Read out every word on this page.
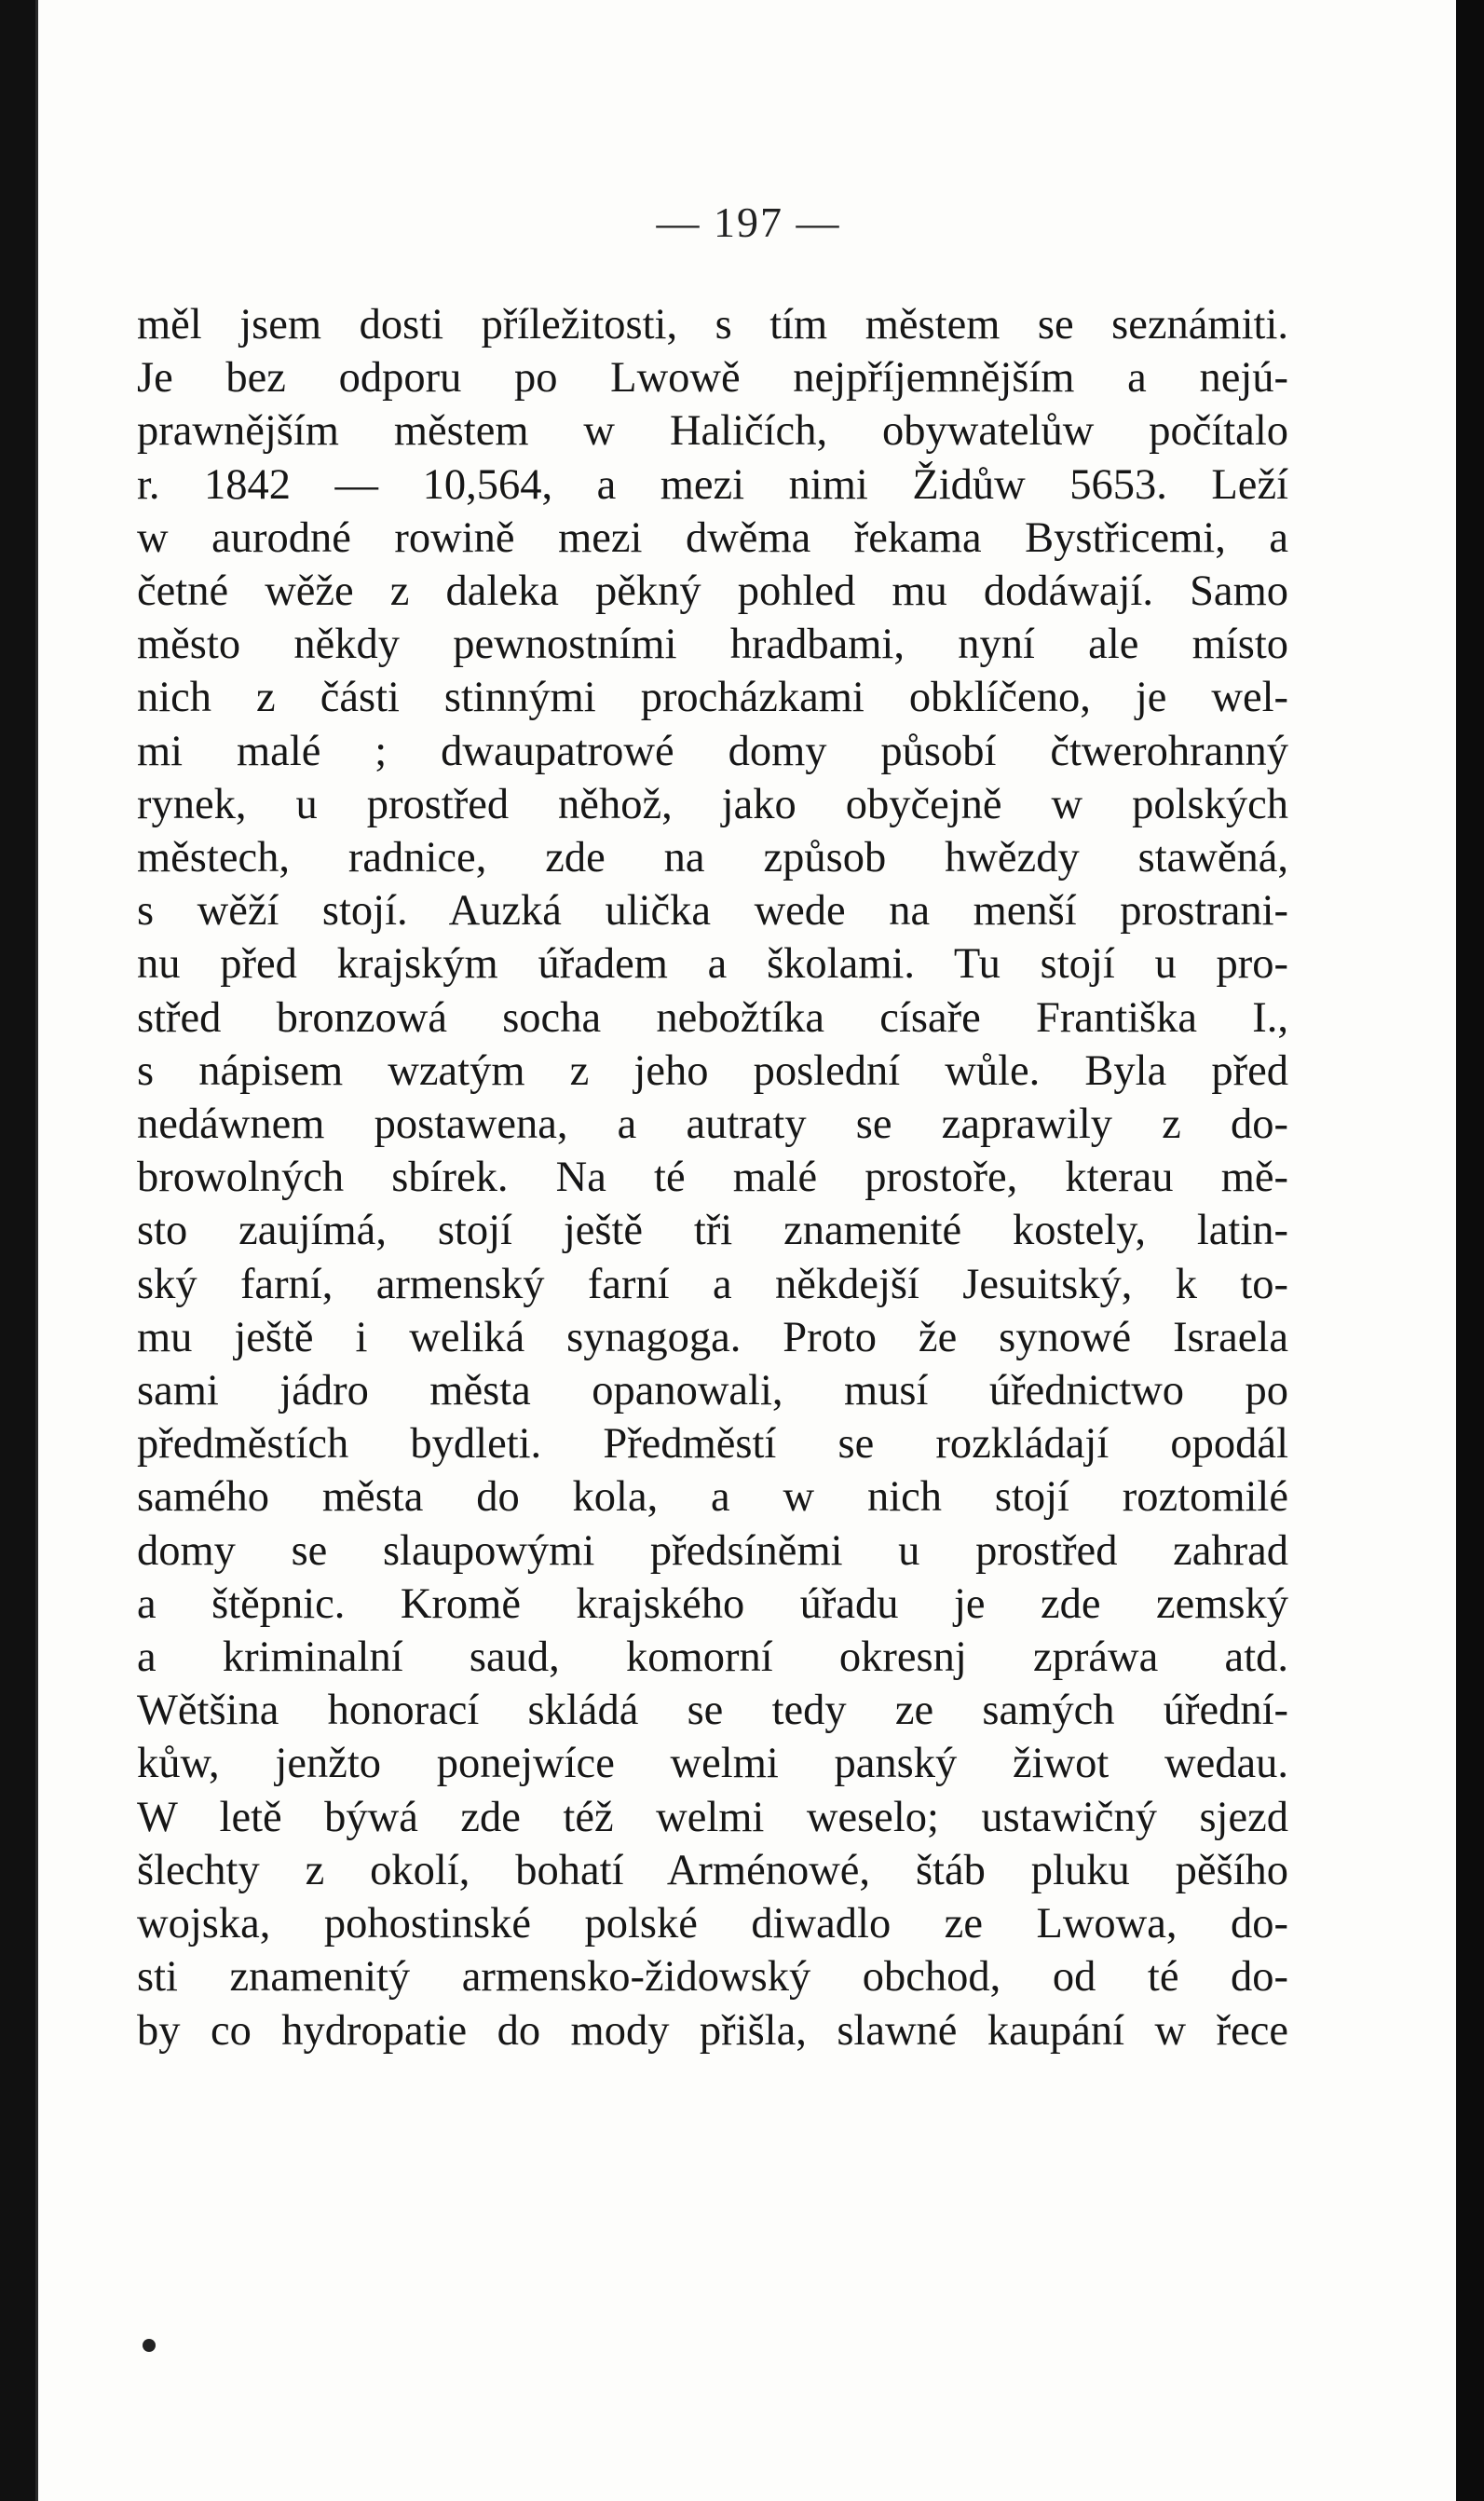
— 197 —
měl jsem dosti příležitosti, s tím městem se seznámiti.
Je bez odporu po Lwowě nejpříjemnějším a nejú-
prawnějším městem w Haličích, obywatelůw počítalo
r. 1842 — 10,564, a mezi nimi Židůw 5653. Leží
w aurodné rowině mezi dwěma řekama Bystřicemi, a
četné wěže z daleka pěkný pohled mu dodáwají. Samo
město někdy pewnostními hradbami, nyní ale místo
nich z části stinnými procházkami obklíčeno, je wel-
mi malé ; dwaupatrowé domy působí čtwerohranný
rynek, u prostřed něhož, jako obyčejně w polských
městech, radnice, zde na způsob hwězdy stawěná,
s wěží stojí. Auzká ulička wede na menší prostrani-
nu před krajským úřadem a školami. Tu stojí u pro-
střed bronzowá socha nebožtíka císaře Františka I.,
s nápisem wzatým z jeho poslední wůle. Byla před
nedáwnem postawena, a autraty se zaprawily z do-
browolných sbírek. Na té malé prostoře, kterau mě-
sto zaujímá, stojí ještě tři znamenité kostely, latin-
ský farní, armenský farní a někdejší Jesuitský, k to-
mu ještě i weliká synagoga. Proto že synowé Israela
sami jádro města opanowali, musí úřednictwo po
předměstích bydleti. Předměstí se rozkládají opodál
samého města do kola, a w nich stojí roztomilé
domy se slaupowými předsíněmi u prostřed zahrad
a štěpnic. Kromě krajského úřadu je zde zemský
a kriminalní saud, komorní okresnj zpráwa atd.
Wětšina honorací skládá se tedy ze samých úřední-
kůw, jenžto ponejwíce welmi panský žiwot wedau.
W letě býwá zde též welmi weselo; ustawičný sjezd
šlechty z okolí, bohatí Arménowé, štáb pluku pěšího
wojska, pohostinské polské diwadlo ze Lwowa, do-
sti znamenitý armensko-židowský obchod, od té do-
by co hydropatie do mody přišla, slawné kaupání w řece
